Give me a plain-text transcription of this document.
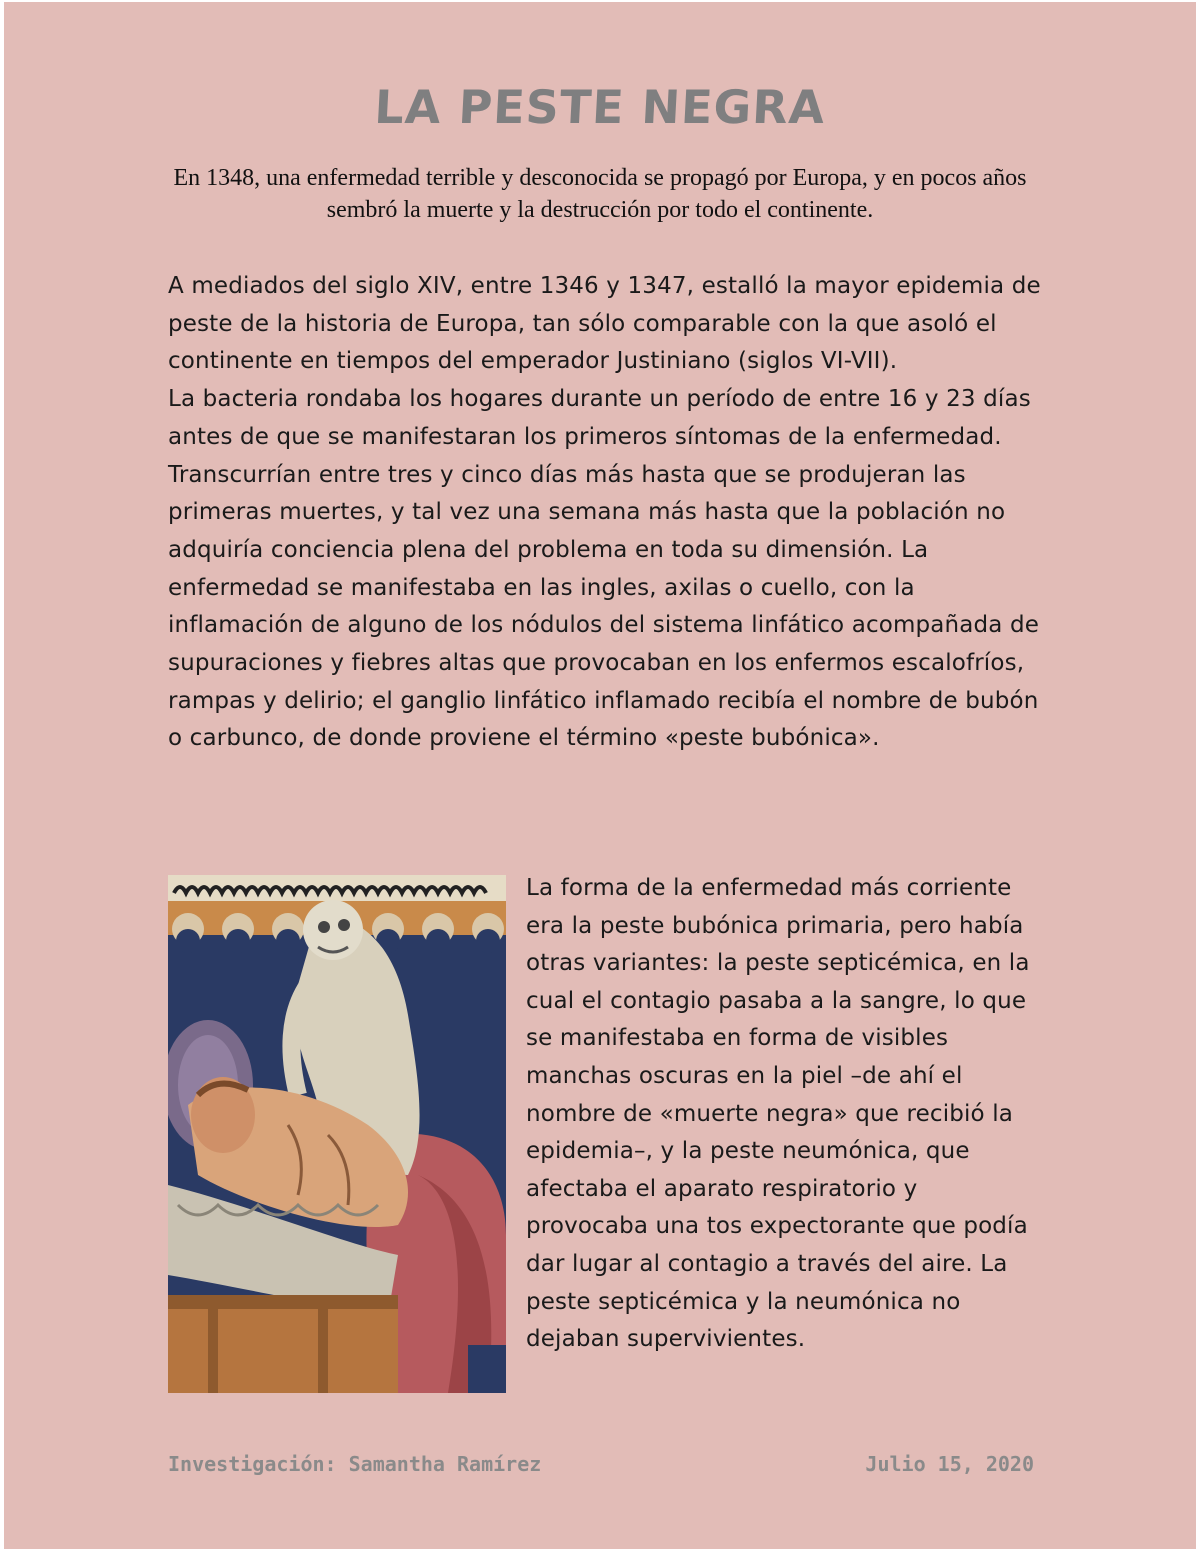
LA PESTE NEGRA
En 1348, una enfermedad terrible y desconocida se propagó por Europa, y en pocos años sembró la muerte y la destrucción por todo el continente.

A mediados del siglo XIV, entre 1346 y 1347, estalló la mayor epidemia de peste de la historia de Europa, tan sólo comparable con la que asoló el continente en tiempos del emperador Justiniano (siglos VI-VII).

La bacteria rondaba los hogares durante un período de entre 16 y 23 días antes de que se manifestaran los primeros síntomas de la enfermedad. Transcurrían entre tres y cinco días más hasta que se produjeran las primeras muertes, y tal vez una semana más hasta que la población no adquiría conciencia plena del problema en toda su dimensión. La enfermedad se manifestaba en las ingles, axilas o cuello, con la inflamación de alguno de los nódulos del sistema linfático acompañada de supuraciones y fiebres altas que provocaban en los enfermos escalofríos, rampas y delirio; el ganglio linfático inflamado recibía el nombre de bubón o carbunco, de donde proviene el término «peste bubónica».

La forma de la enfermedad más corriente era la peste bubónica primaria, pero había otras variantes: la peste septicémica, en la cual el contagio pasaba a la sangre, lo que se manifestaba en forma de visibles manchas oscuras en la piel –de ahí el nombre de «muerte negra» que recibió la epidemia–, y la peste neumónica, que afectaba el aparato respiratorio y provocaba una tos expectorante que podía dar lugar al contagio a través del aire. La peste septicémica y la neumónica no dejaban supervivientes.
Investigación: Samantha Ramírez	Julio 15, 2020
